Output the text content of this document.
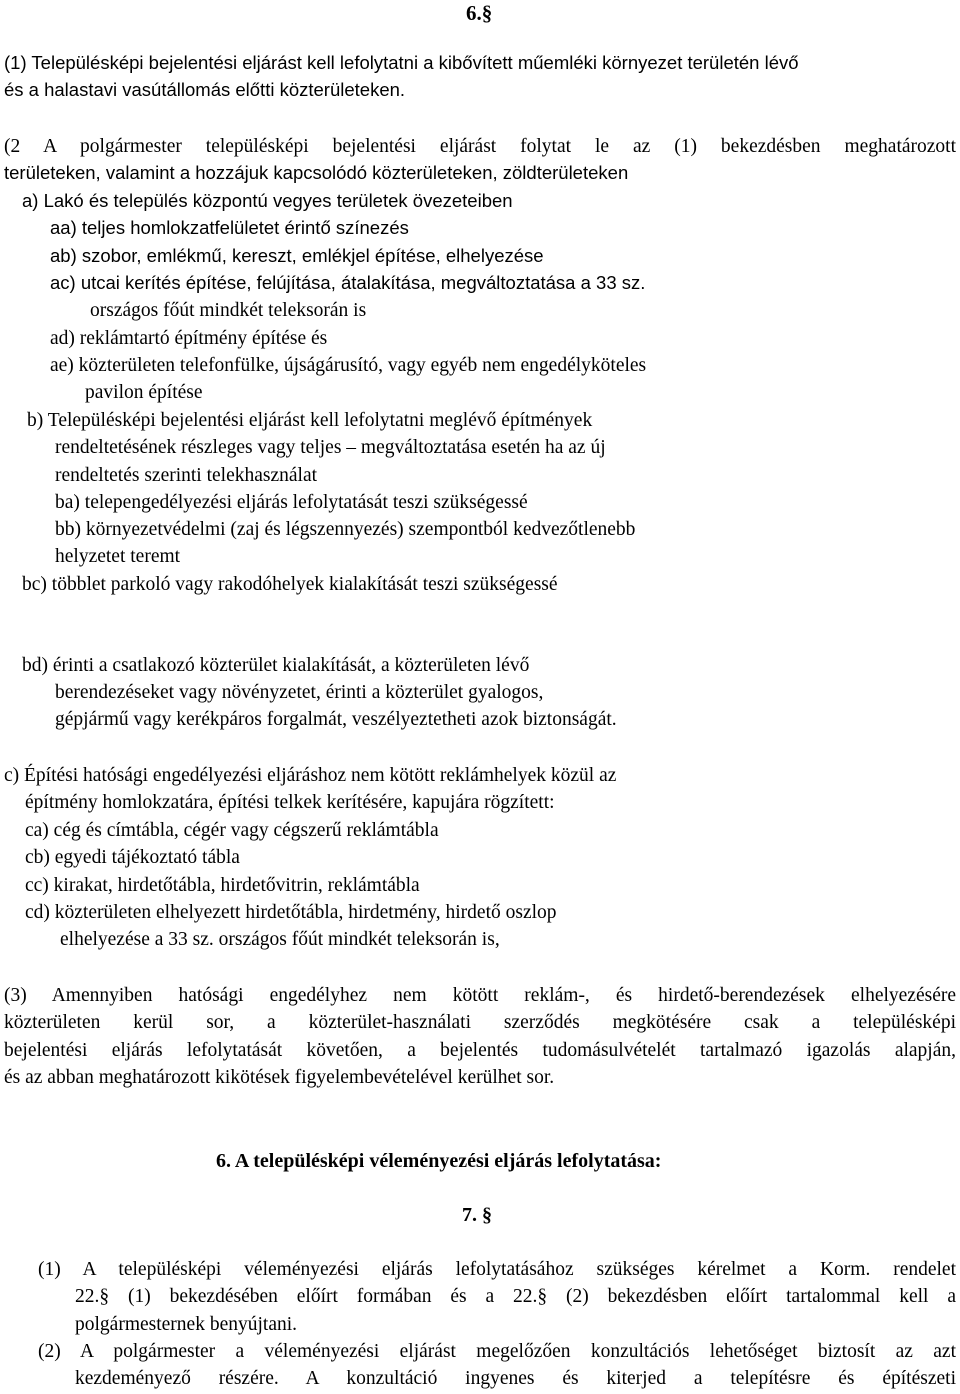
6.§
(1) Településképi bejelentési eljárást kell lefolytatni a kibővített műemléki környezet területén lévő
és a halastavi vasútállomás előtti közterületeken.
(2 A polgármester településképi bejelentési eljárást folytat le az (1) bekezdésben meghatározott
területeken, valamint a hozzájuk kapcsolódó közterületeken, zöldterületeken
a) Lakó és település központú vegyes területek övezeteiben
aa) teljes homlokzatfelületet érintő színezés
ab) szobor, emlékmű, kereszt, emlékjel építése, elhelyezése
ac) utcai kerítés építése, felújítása, átalakítása, megváltoztatása a 33 sz.
országos főút mindkét teleksorán is
ad) reklámtartó építmény építése és
ae) közterületen telefonfülke, újságárusító, vagy egyéb nem engedélyköteles
pavilon építése
b) Településképi bejelentési eljárást kell lefolytatni meglévő építmények
rendeltetésének részleges vagy teljes – megváltoztatása esetén ha az új
rendeltetés szerinti telekhasználat
ba) telepengedélyezési eljárás lefolytatását teszi szükségessé
bb) környezetvédelmi (zaj és légszennyezés) szempontból kedvezőtlenebb
helyzetet teremt
bc) többlet parkoló vagy rakodóhelyek kialakítását teszi szükségessé
bd) érinti a csatlakozó közterület kialakítását, a közterületen lévő
berendezéseket vagy növényzetet, érinti a közterület gyalogos,
gépjármű vagy kerékpáros forgalmát, veszélyeztetheti azok biztonságát.
c) Építési hatósági engedélyezési eljáráshoz nem kötött reklámhelyek közül az
építmény homlokzatára, építési telkek kerítésére, kapujára rögzített:
ca) cég és címtábla, cégér vagy cégszerű reklámtábla
cb) egyedi tájékoztató tábla
cc) kirakat, hirdetőtábla, hirdetővitrin, reklámtábla
cd) közterületen elhelyezett hirdetőtábla, hirdetmény, hirdető oszlop
elhelyezése a 33 sz. országos főút mindkét teleksorán is,
(3) Amennyiben hatósági engedélyhez nem kötött reklám-, és hirdető-berendezések elhelyezésére
közterületen kerül sor, a közterület-használati szerződés megkötésére csak a településképi
bejelentési eljárás lefolytatását követően, a bejelentés tudomásulvételét tartalmazó igazolás alapján,
és az abban meghatározott kikötések figyelembevételével kerülhet sor.
6. A településképi véleményezési eljárás lefolytatása:
7. §
(1) A településképi véleményezési eljárás lefolytatásához szükséges kérelmet a Korm. rendelet
22.§ (1) bekezdésében előírt formában és a 22.§ (2) bekezdésben előírt tartalommal kell a
polgármesternek benyújtani.
(2) A polgármester a véleményezési eljárást megelőzően konzultációs lehetőséget biztosít az azt
kezdeményező részére. A konzultáció ingyenes és kiterjed a telepítésre és építészeti
